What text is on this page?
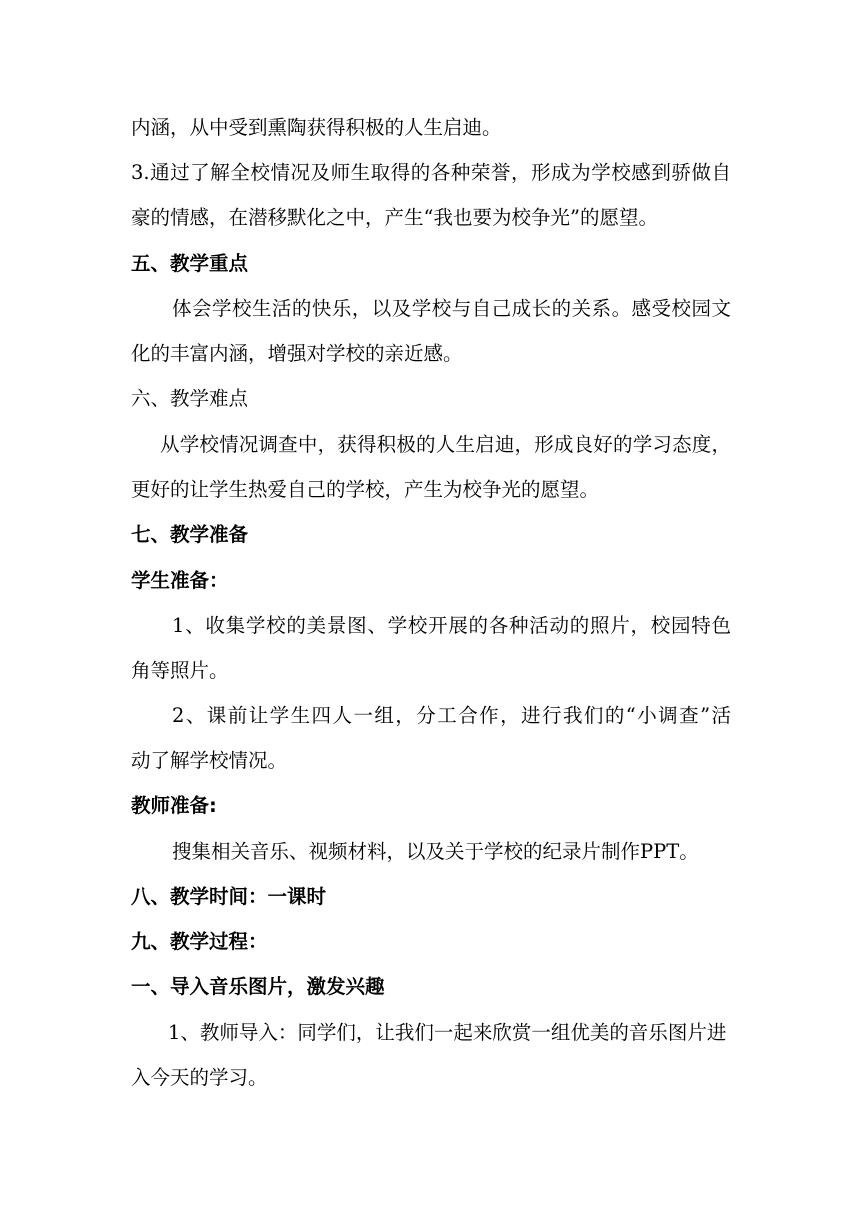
内涵，从中受到熏陶获得积极的人生启迪。
3.通过了解全校情况及师生取得的各种荣誉，形成为学校感到骄做自
豪的情感，在潜移默化之中，产生“我也要为校争光”的愿望。
五、教学重点
体会学校生活的快乐，以及学校与自己成长的关系。感受校园文
化的丰富内涵，增强对学校的亲近感。
六、教学难点
从学校情况调查中，获得积极的人生启迪，形成良好的学习态度，
更好的让学生热爱自己的学校，产生为校争光的愿望。
七、教学准备
学生准备：
1、收集学校的美景图、学校开展的各种活动的照片，校园特色
角等照片。
2、课前让学生四人一组，分工合作，进行我们的“小调查”活
动了解学校情况。
教师准备:
搜集相关音乐、视频材料，以及关于学校的纪录片制作PPT。
八、教学时间：一课时
九、教学过程：
一、导入音乐图片，激发兴趣
1、教师导入：同学们，让我们一起来欣赏一组优美的音乐图片进
入今天的学习。
